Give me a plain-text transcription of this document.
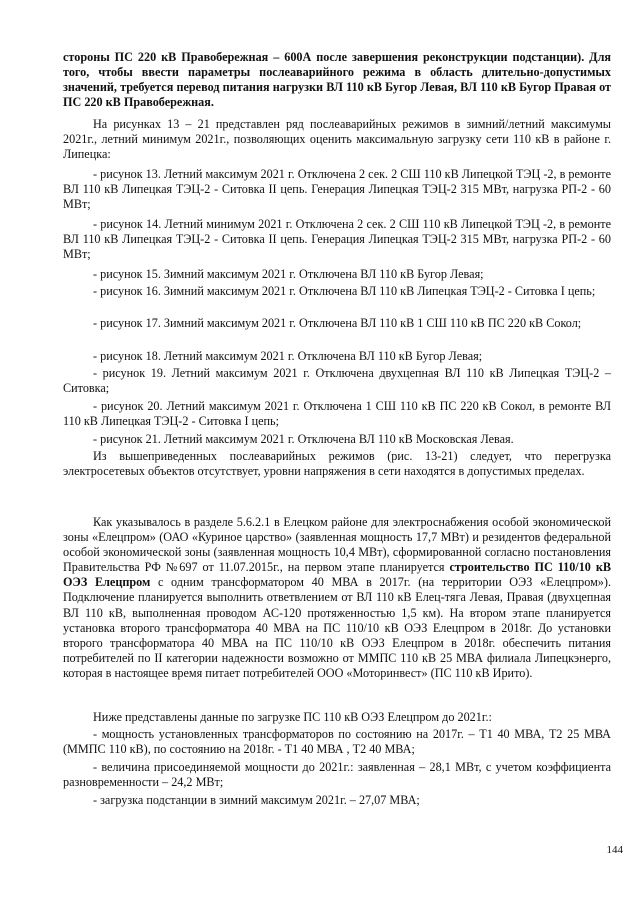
стороны ПС 220 кВ Правобережная – 600А после завершения реконструкции подстанции). Для того, чтобы ввести параметры послеаварийного режима в область длительно-допустимых значений, требуется перевод питания нагрузки ВЛ 110 кВ Бугор Левая, ВЛ 110 кВ Бугор Правая от ПС 220 кВ Правобережная.

На рисунках 13 – 21 представлен ряд послеаварийных режимов в зимний/летний максимумы 2021г., летний минимум 2021г., позволяющих оценить максимальную загрузку сети 110 кВ в районе г. Липецка:

- рисунок 13. Летний максимум 2021 г. Отключена 2 сек. 2 СШ 110 кВ Липецкой ТЭЦ -2, в ремонте ВЛ 110 кВ Липецкая ТЭЦ-2 - Ситовка II цепь. Генерация Липецкая ТЭЦ-2 315 МВт, нагрузка РП-2 - 60 МВт;

- рисунок 14. Летний минимум 2021 г. Отключена 2 сек. 2 СШ 110 кВ Липецкой ТЭЦ -2, в ремонте ВЛ 110 кВ Липецкая ТЭЦ-2 - Ситовка II цепь. Генерация Липецкая ТЭЦ-2 315 МВт, нагрузка РП-2 - 60 МВт;

- рисунок 15. Зимний максимум 2021 г. Отключена ВЛ 110 кВ Бугор Левая;

- рисунок 16. Зимний максимум 2021 г. Отключена ВЛ 110 кВ Липецкая ТЭЦ-2 - Ситовка I цепь;

- рисунок 17. Зимний максимум 2021 г. Отключена ВЛ 110 кВ 1 СШ 110 кВ ПС 220 кВ Сокол;

- рисунок 18. Летний максимум 2021 г. Отключена ВЛ 110 кВ Бугор Левая;

- рисунок 19. Летний максимум 2021 г. Отключена двухцепная ВЛ 110 кВ Липецкая ТЭЦ-2 – Ситовка;

- рисунок 20. Летний максимум 2021 г. Отключена 1 СШ 110 кВ ПС 220 кВ Сокол, в ремонте ВЛ 110 кВ Липецкая ТЭЦ-2 - Ситовка I цепь;

- рисунок 21. Летний максимум 2021 г. Отключена ВЛ 110 кВ Московская Левая.

Из вышеприведенных послеаварийных режимов (рис. 13-21) следует, что перегрузка электросетевых объектов отсутствует, уровни напряжения в сети находятся в допустимых пределах.

Как указывалось в разделе 5.6.2.1 в Елецком районе для электроснабжения особой экономической зоны «Елецпром» (ОАО «Куриное царство» (заявленная мощность 17,7 МВт) и резидентов федеральной особой экономической зоны (заявленная мощность 10,4 МВт), сформированной согласно постановления Правительства РФ №697 от 11.07.2015г., на первом этапе планируется строительство ПС 110/10 кВ ОЭЗ Елецпром с одним трансформатором 40 МВА в 2017г. (на территории ОЭЗ «Елецпром»). Подключение планируется выполнить ответвлением от ВЛ 110 кВ Елец-тяга Левая, Правая (двухцепная ВЛ 110 кВ, выполненная проводом АС-120 протяженностью 1,5 км). На втором этапе планируется установка второго трансформатора 40 МВА на ПС 110/10 кВ ОЭЗ Елецпром в 2018г. До установки второго трансформатора 40 МВА на ПС 110/10 кВ ОЭЗ Елецпром в 2018г. обеспечить питания потребителей по II категории надежности возможно от ММПС 110 кВ 25 МВА филиала Липецкэнерго, которая в настоящее время питает потребителей ООО «Моторинвест» (ПС 110 кВ Ирито).

Ниже представлены данные по загрузке ПС 110 кВ ОЭЗ Елецпром до 2021г.:

- мощность установленных трансформаторов по состоянию на 2017г. – Т1 40 МВА, Т2 25 МВА (ММПС 110 кВ), по состоянию на 2018г. - Т1 40 МВА , Т2 40 МВА;

- величина присоединяемой мощности до 2021г.: заявленная – 28,1 МВт, с учетом коэффициента разновременности – 24,2 МВт;

- загрузка подстанции в зимний максимум 2021г. – 27,07 МВА;

144
